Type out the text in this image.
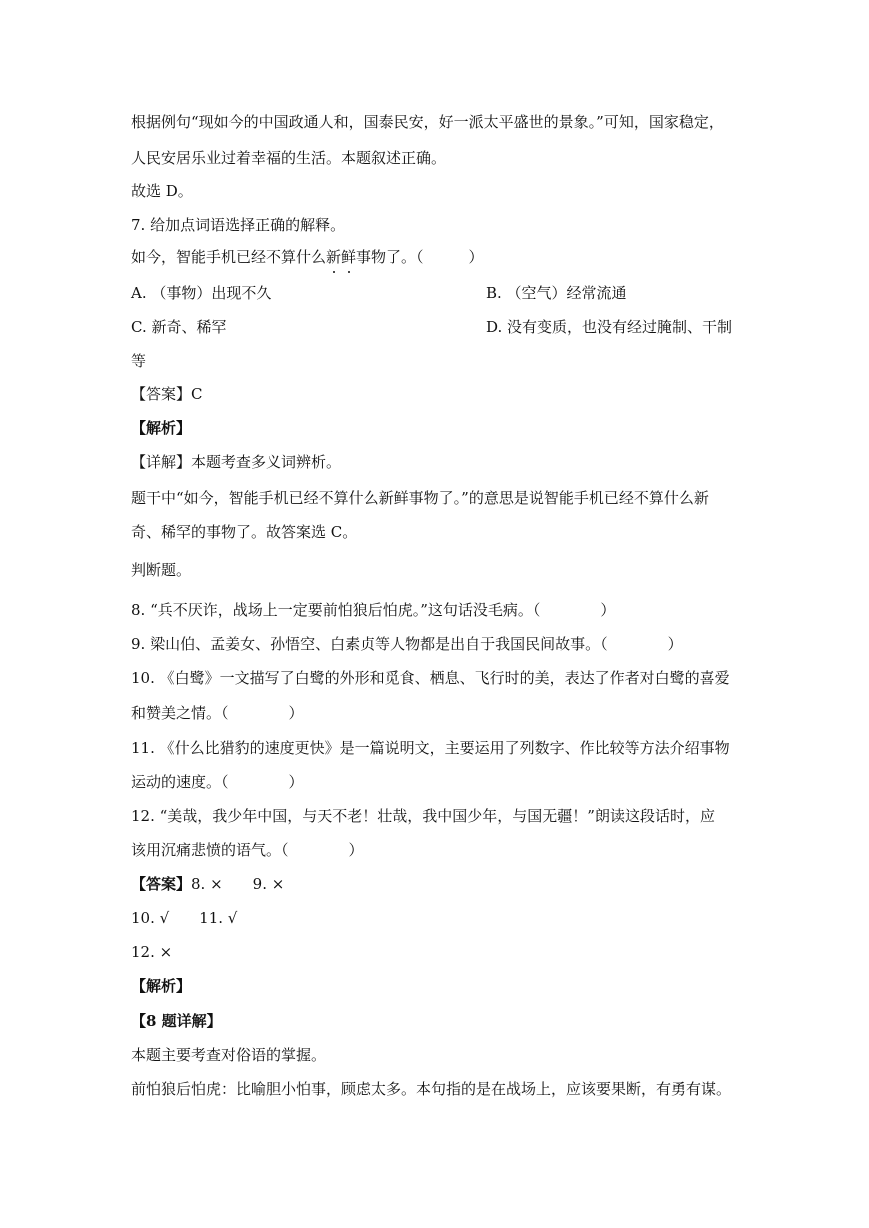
根据例句“现如今的中国政通人和，国泰民安，好一派太平盛世的景象。”可知，国家稳定，
人民安居乐业过着幸福的生活。本题叙述正确。
故选 D。
7. 给加点词语选择正确的解释。
如今，智能手机已经不算什么新鲜事物了。（　　　）
A. （事物）出现不久	B. （空气）经常流通
C. 新奇、稀罕	D. 没有变质，也没有经过腌制、干制
等
【答案】C
【解析】
【详解】本题考查多义词辨析。
题干中“如今，智能手机已经不算什么新鲜事物了。”的意思是说智能手机已经不算什么新
奇、稀罕的事物了。故答案选 C。
判断题。
8. “兵不厌诈，战场上一定要前怕狼后怕虎。”这句话没毛病。（　　　　）
9. 梁山伯、孟姜女、孙悟空、白素贞等人物都是出自于我国民间故事。（　　　　）
10. 《白鹭》一文描写了白鹭的外形和觅食、栖息、飞行时的美，表达了作者对白鹭的喜爱
和赞美之情。（　　　　）
11. 《什么比猎豹的速度更快》是一篇说明文，主要运用了列数字、作比较等方法介绍事物
运动的速度。（　　　　）
12. “美哉，我少年中国，与天不老！壮哉，我中国少年，与国无疆！”朗读这段话时，应
该用沉痛悲愤的语气。（　　　　）
【答案】8. ×　　9. ×
10. √　　11. √
12. ×
【解析】
【8 题详解】
本题主要考查对俗语的掌握。
前怕狼后怕虎：比喻胆小怕事，顾虑太多。本句指的是在战场上，应该要果断，有勇有谋。
